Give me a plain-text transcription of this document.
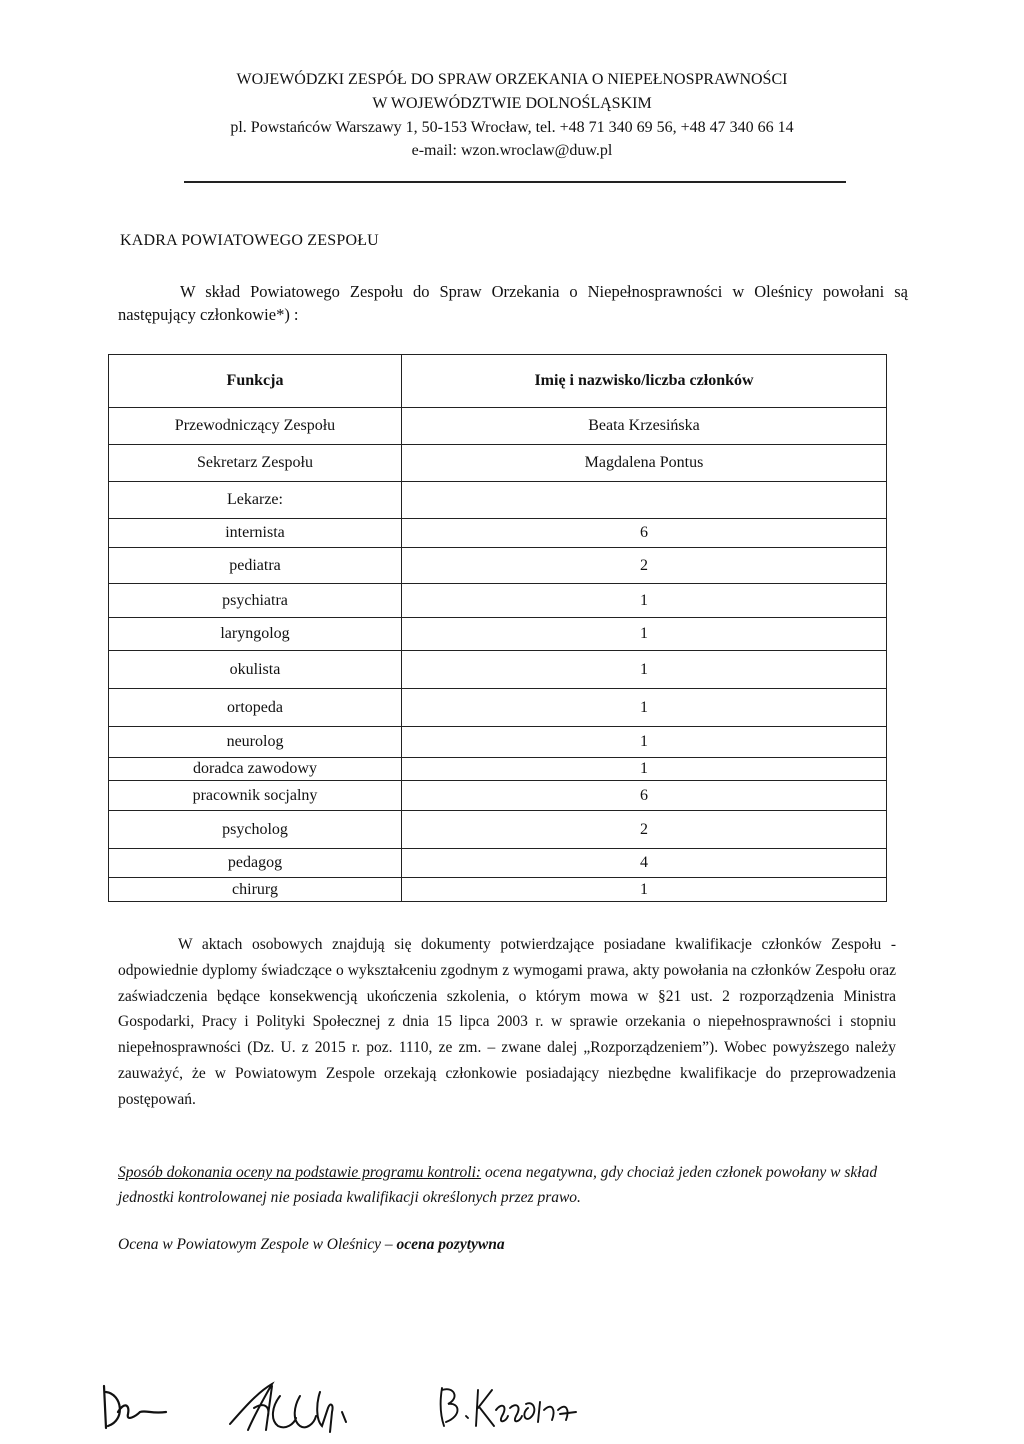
WOJEWÓDZKI ZESPÓŁ DO SPRAW ORZEKANIA O NIEPEŁNOSPRAWNOŚCI
W WOJEWÓDZTWIE DOLNOŚLĄSKIM
pl. Powstańców Warszawy 1, 50-153 Wrocław, tel. +48 71 340 69 56, +48 47 340 66 14
e-mail: wzon.wroclaw@duw.pl
KADRA POWIATOWEGO ZESPOŁU
W skład Powiatowego Zespołu do Spraw Orzekania o Niepełnosprawności w Oleśnicy powołani są następujący członkowie*) :
Funkcja	Imię i nazwisko/liczba członków
Przewodniczący Zespołu	Beata Krzesińska
Sekretarz Zespołu	Magdalena Pontus
Lekarze:	
internista	6
pediatra	2
psychiatra	1
laryngolog	1
okulista	1
ortopeda	1
neurolog	1
doradca zawodowy	1
pracownik socjalny	6
psycholog	2
pedagog	4
chirurg	1
W aktach osobowych znajdują się dokumenty potwierdzające posiadane kwalifikacje członków Zespołu - odpowiednie dyplomy świadczące o wykształceniu zgodnym z wymogami prawa, akty powołania na członków Zespołu oraz zaświadczenia będące konsekwencją ukończenia szkolenia, o którym mowa w §21 ust. 2 rozporządzenia Ministra Gospodarki, Pracy i Polityki Społecznej z dnia 15 lipca 2003 r. w sprawie orzekania o niepełnosprawności i stopniu niepełnosprawności (Dz. U. z 2015 r. poz. 1110, ze zm. – zwane dalej „Rozporządzeniem”). Wobec powyższego należy zauważyć, że w Powiatowym Zespole orzekają członkowie posiadający niezbędne kwalifikacje do przeprowadzenia postępowań.
Sposób dokonania oceny na podstawie programu kontroli: ocena negatywna, gdy chociaż jeden członek powołany w skład jednostki kontrolowanej nie posiada kwalifikacji określonych przez prawo.
Ocena w Powiatowym Zespole w Oleśnicy – ocena pozytywna
